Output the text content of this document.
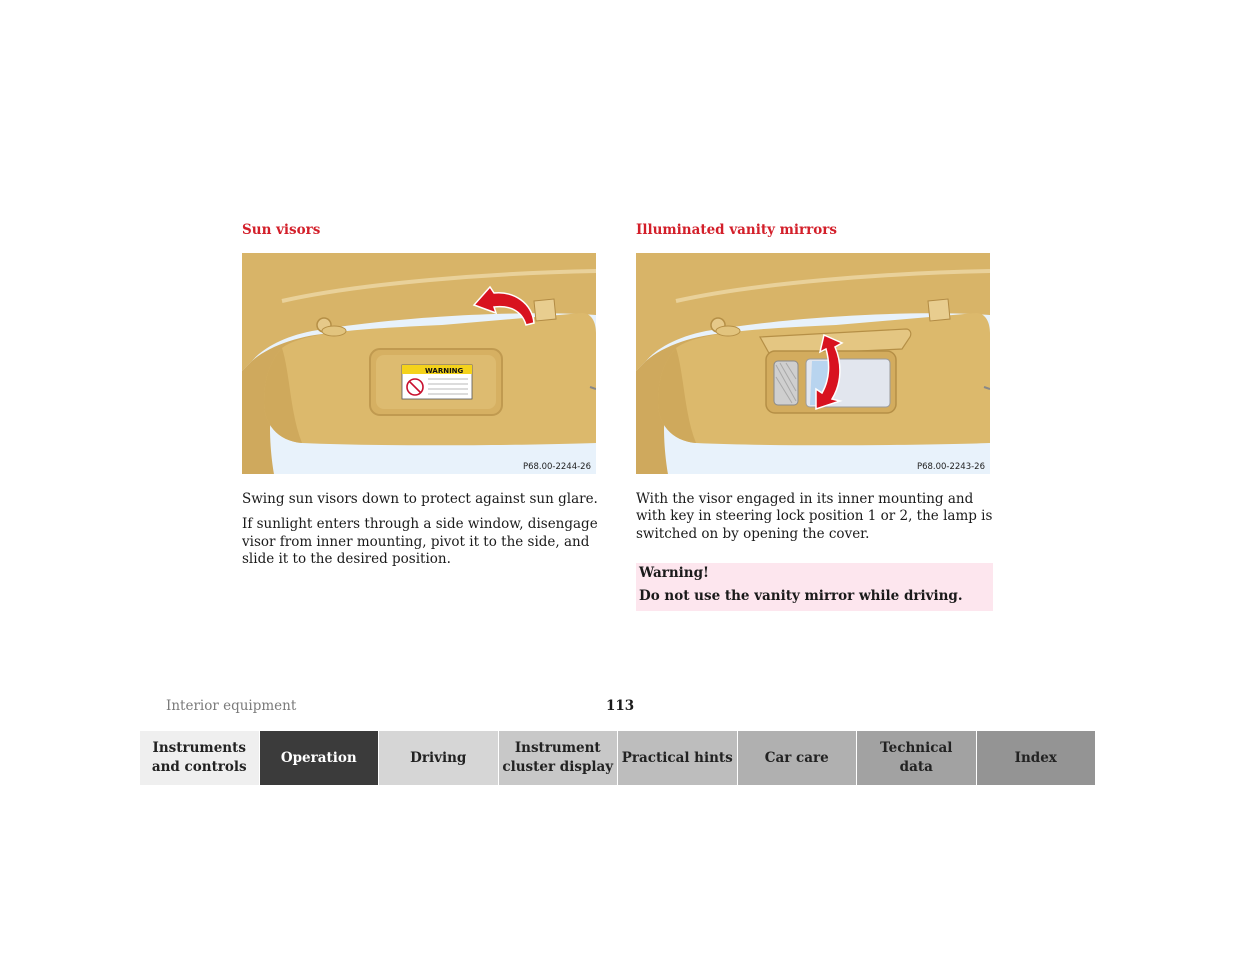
Sun visors
WARNING
P68.00-2244-26

Swing sun visors down to protect against sun glare.

If sunlight enters through a side window, disengage visor from inner mounting, pivot it to the side, and slide it to the desired position.

Illuminated vanity mirrors
P68.00-2243-26

With the visor engaged in its inner mounting and with key in steering lock position 1 or 2, the lamp is switched on by opening the cover.

Warning!

Do not use the vanity mirror while driving.

Interior equipment	113
Instruments
and controls
Operation	Driving
Instrument
cluster display
Practical hints	Car care
Technical
data
Index
